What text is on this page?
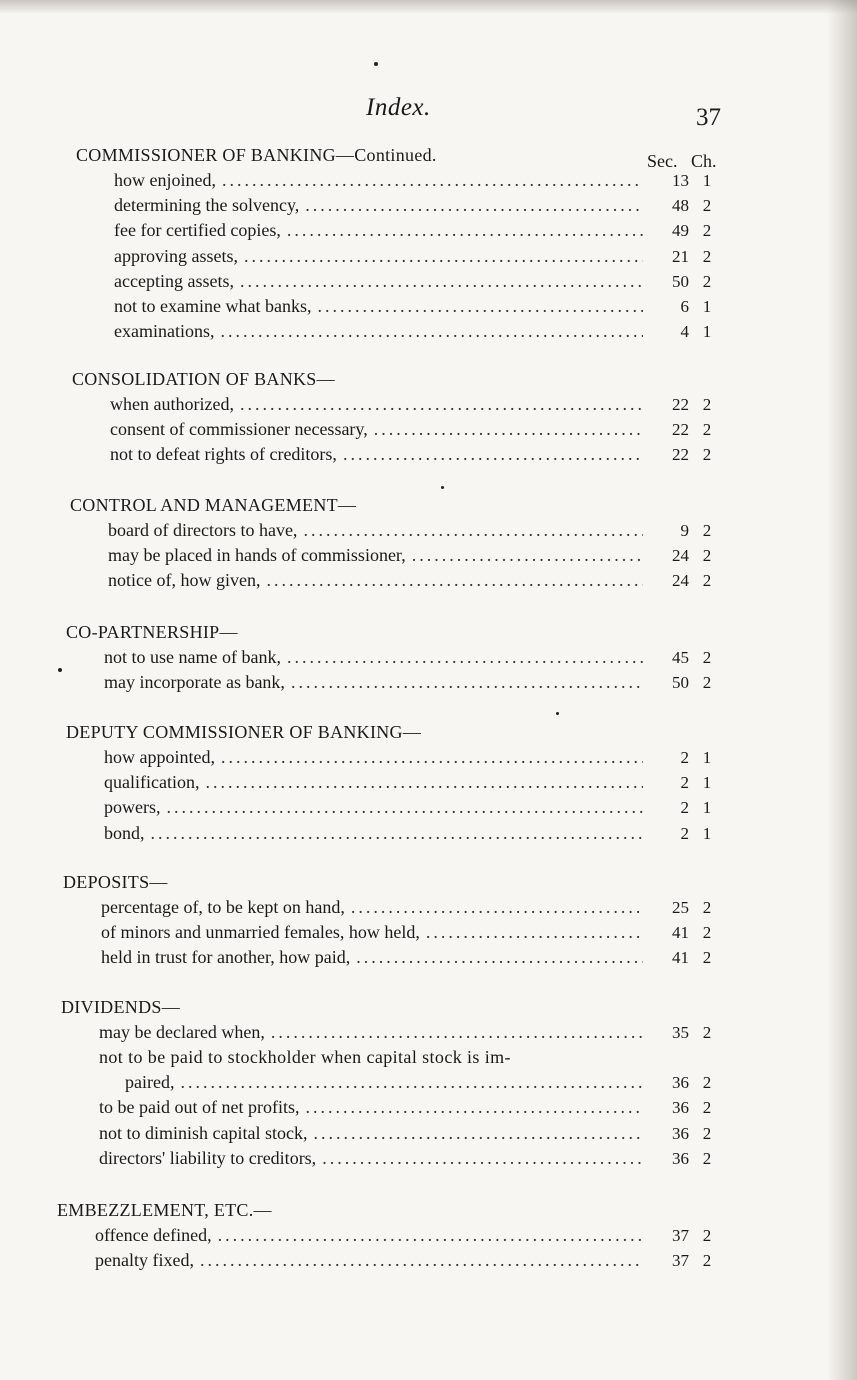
Index.	37
Sec. Ch.
COMMISSIONER OF BANKING—Continued.
how enjoined, .....	13 1
determining the solvency, .....	48 2
fee for certified copies, .....	49 2
approving assets, .....	21 2
accepting assets, .....	50 2
not to examine what banks, .....	6 1
examinations, .....	4 1
CONSOLIDATION OF BANKS—
when authorized, .....	22 2
consent of commissioner necessary, .....	22 2
not to defeat rights of creditors, .....	22 2
CONTROL AND MANAGEMENT—
board of directors to have, .....	9 2
may be placed in hands of commissioner, .....	24 2
notice of, how given, .....	24 2
CO-PARTNERSHIP—
not to use name of bank, .....	45 2
may incorporate as bank, .....	50 2
DEPUTY COMMISSIONER OF BANKING—
how appointed, .....	2 1
qualification, .....	2 1
powers, .....	2 1
bond, .....	2 1
DEPOSITS—
percentage of, to be kept on hand, .....	25 2
of minors and unmarried females, how held, .....	41 2
held in trust for another, how paid, .....	41 2
DIVIDENDS—
may be declared when, .....	35 2
not to be paid to stockholder when capital stock is im-
paired, .....	36 2
to be paid out of net profits, .....	36 2
not to diminish capital stock, .....	36 2
directors' liability to creditors, .....	36 2
EMBEZZLEMENT, ETC.—
offence defined, .....	37 2
penalty fixed, .....	37 2
